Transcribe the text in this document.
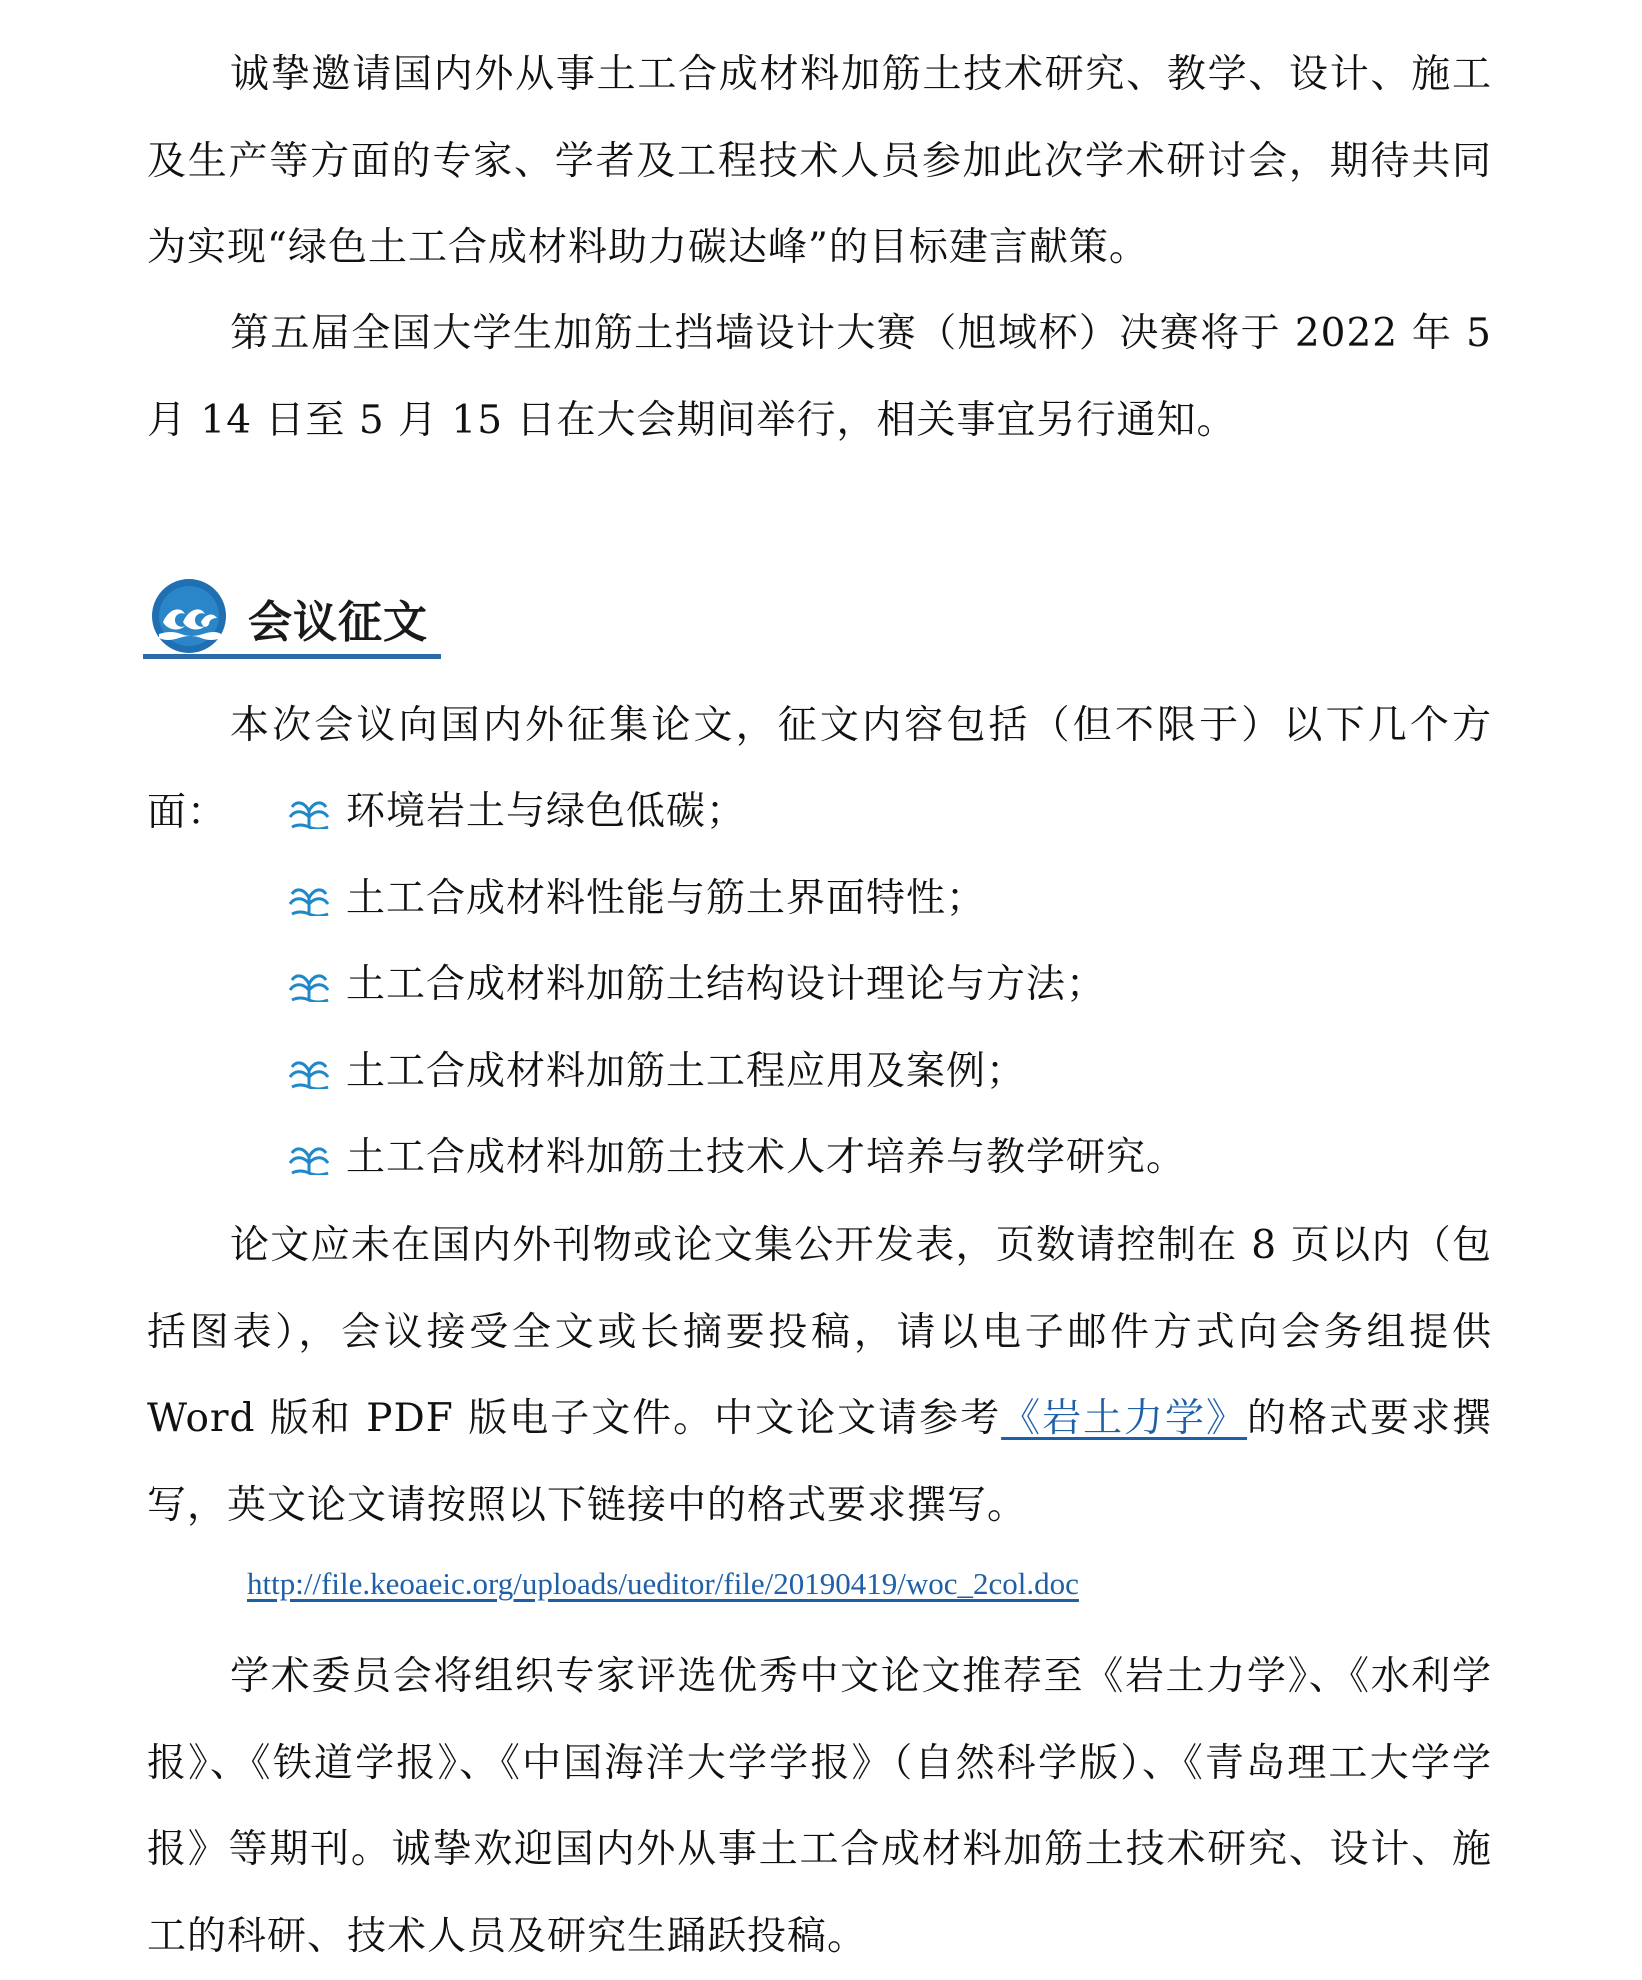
诚挚邀请国内外从事土工合成材料加筋土技术研究、教学、设计、施工及生产等方面的专家、学者及工程技术人员参加此次学术研讨会，期待共同为实现“绿色土工合成材料助力碳达峰”的目标建言献策。

第五届全国大学生加筋土挡墙设计大赛（旭域杯）决赛将于 2022 年 5 月 14 日至 5 月 15 日在大会期间举行，相关事宜另行通知。

会议征文

本次会议向国内外征集论文，征文内容包括（但不限于）以下几个方面：	环境岩土与绿色低碳；
土工合成材料性能与筋土界面特性；
土工合成材料加筋土结构设计理论与方法；
土工合成材料加筋土工程应用及案例；
土工合成材料加筋土技术人才培养与教学研究。

论文应未在国内外刊物或论文集公开发表，页数请控制在 8 页以内（包括图表），会议接受全文或长摘要投稿，请以电子邮件方式向会务组提供 Word 版和 PDF 版电子文件。中文论文请参考《岩土力学》的格式要求撰写，英文论文请按照以下链接中的格式要求撰写。

http://file.keoaeic.org/uploads/ueditor/file/20190419/woc_2col.doc

学术委员会将组织专家评选优秀中文论文推荐至《岩土力学》、《水利学报》、《铁道学报》、《中国海洋大学学报》（自然科学版）、《青岛理工大学学报》等期刊。诚挚欢迎国内外从事土工合成材料加筋土技术研究、设计、施工的科研、技术人员及研究生踊跃投稿。
